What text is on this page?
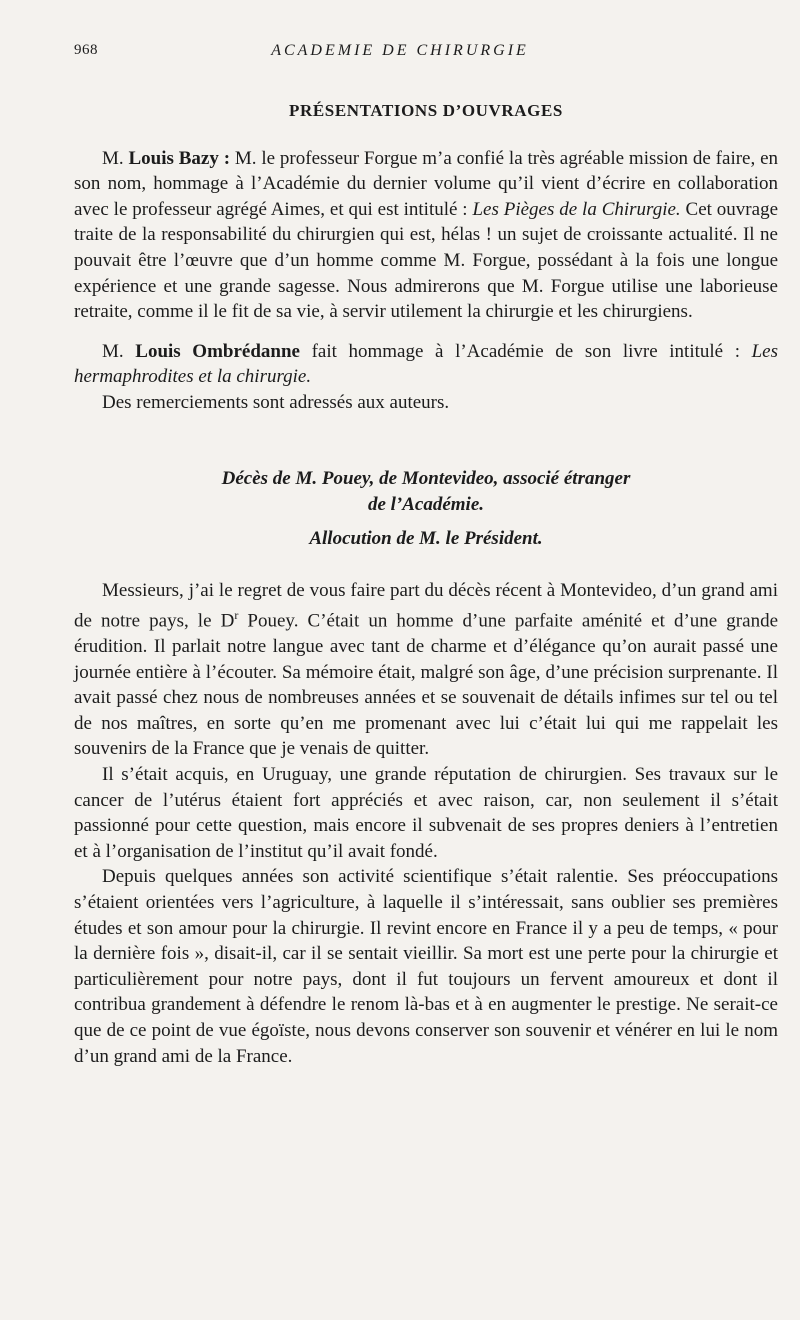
968	ACADEMIE DE CHIRURGIE
PRÉSENTATIONS D’OUVRAGES

M. Louis Bazy : M. le professeur Forgue m’a confié la très agréable mission de faire, en son nom, hommage à l’Académie du dernier volume qu’il vient d’écrire en collaboration avec le professeur agrégé Aimes, et qui est intitulé : Les Pièges de la Chirurgie. Cet ouvrage traite de la responsabilité du chirurgien qui est, hélas ! un sujet de croissante actualité. Il ne pouvait être l’œuvre que d’un homme comme M. Forgue, possédant à la fois une longue expérience et une grande sagesse. Nous admirerons que M. Forgue utilise une laborieuse retraite, comme il le fit de sa vie, à servir utilement la chirurgie et les chirurgiens.

M. Louis Ombrédanne fait hommage à l’Académie de son livre intitulé : Les hermaphrodites et la chirurgie.

Des remerciements sont adressés aux auteurs.

Décès de M. Pouey, de Montevideo, associé étranger
de l’Académie.
Allocution de M. le Président.

Messieurs, j’ai le regret de vous faire part du décès récent à Montevideo, d’un grand ami de notre pays, le $D^r$ Pouey. C’était un homme d’une parfaite aménité et d’une grande érudition. Il parlait notre langue avec tant de charme et d’élégance qu’on aurait passé une journée entière à l’écouter. Sa mémoire était, malgré son âge, d’une précision surprenante. Il avait passé chez nous de nombreuses années et se souvenait de détails infimes sur tel ou tel de nos maîtres, en sorte qu’en me promenant avec lui c’était lui qui me rappelait les souvenirs de la France que je venais de quitter.

Il s’était acquis, en Uruguay, une grande réputation de chirurgien. Ses travaux sur le cancer de l’utérus étaient fort appréciés et avec raison, car, non seulement il s’était passionné pour cette question, mais encore il subvenait de ses propres deniers à l’entretien et à l’organisation de l’institut qu’il avait fondé.

Depuis quelques années son activité scientifique s’était ralentie. Ses préoccupations s’étaient orientées vers l’agriculture, à laquelle il s’intéressait, sans oublier ses premières études et son amour pour la chirurgie. Il revint encore en France il y a peu de temps, « pour la dernière fois », disait-il, car il se sentait vieillir. Sa mort est une perte pour la chirurgie et particulièrement pour notre pays, dont il fut toujours un fervent amoureux et dont il contribua grandement à défendre le renom là-bas et à en augmenter le prestige. Ne serait-ce que de ce point de vue égoïste, nous devons conserver son souvenir et vénérer en lui le nom d’un grand ami de la France.
